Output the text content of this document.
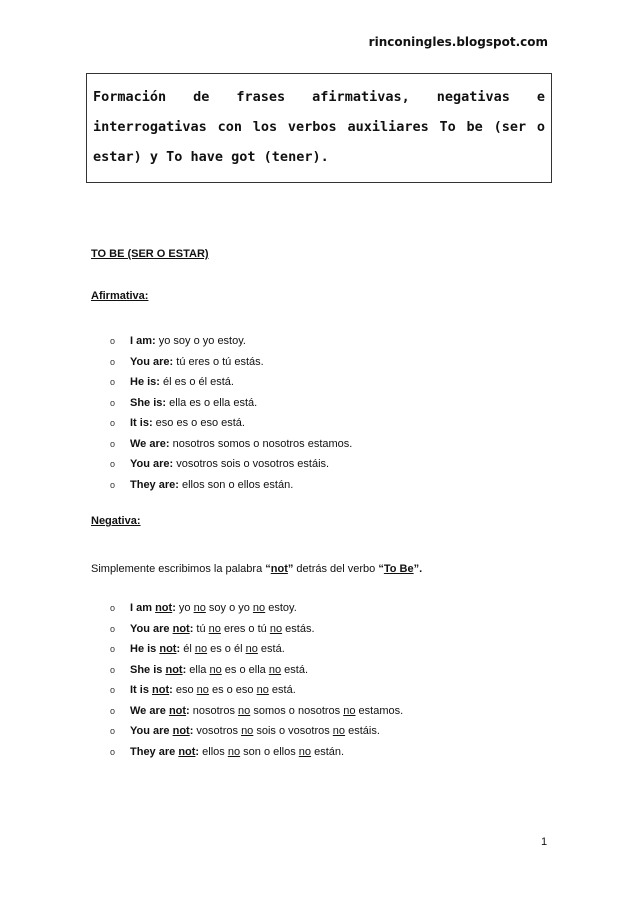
rinconingles.blogspot.com
Formación de frases afirmativas, negativas e interrogativas con los verbos auxiliares To be (ser o estar) y To have got (tener).
TO BE (SER O ESTAR)
Afirmativa:
o I am: yo soy o yo estoy.
o You are: tú eres o tú estás.
o He is: él es o él está.
o She is: ella es o ella está.
o It is: eso es o eso está.
o We are: nosotros somos o nosotros estamos.
o You are: vosotros sois o vosotros estáis.
o They are: ellos son o ellos están.
Negativa:
Simplemente escribimos la palabra “not” detrás del verbo “To Be”.
o I am not: yo no soy o yo no estoy.
o You are not: tú no eres o tú no estás.
o He is not: él no es o él no está.
o She is not: ella no es o ella no está.
o It is not: eso no es o eso no está.
o We are not: nosotros no somos o nosotros no estamos.
o You are not: vosotros no sois o vosotros no estáis.
o They are not: ellos no son o ellos no están.
1
